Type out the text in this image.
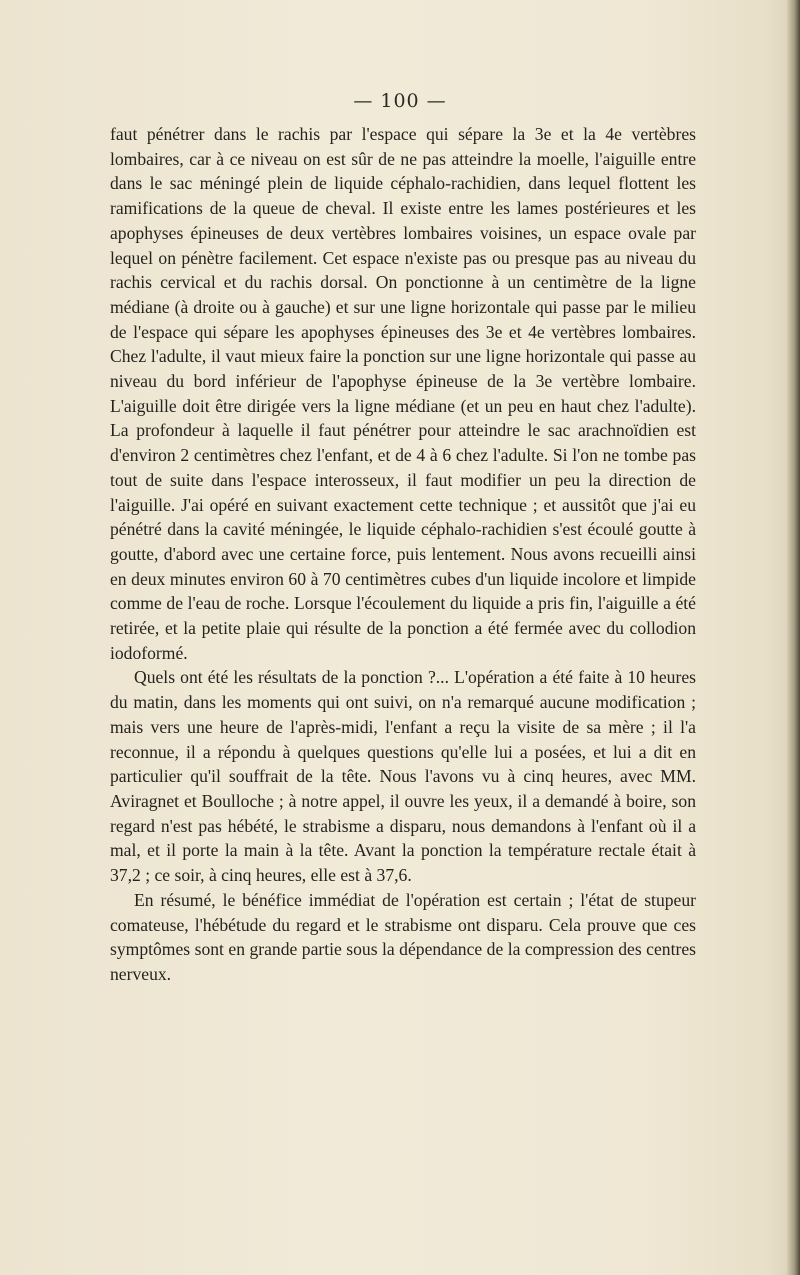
— 100 —

faut pénétrer dans le rachis par l'espace qui sépare la 3e et la 4e vertèbres lombaires, car à ce niveau on est sûr de ne pas atteindre la moelle, l'aiguille entre dans le sac méningé plein de liquide céphalo-rachidien, dans lequel flottent les ramifications de la queue de cheval. Il existe entre les lames postérieures et les apophyses épineuses de deux vertèbres lombaires voisines, un espace ovale par lequel on pénètre facilement. Cet espace n'existe pas ou presque pas au niveau du rachis cervical et du rachis dorsal. On ponctionne à un centimètre de la ligne médiane (à droite ou à gauche) et sur une ligne horizontale qui passe par le milieu de l'espace qui sépare les apophyses épineuses des 3e et 4e vertèbres lombaires. Chez l'adulte, il vaut mieux faire la ponction sur une ligne horizontale qui passe au niveau du bord inférieur de l'apophyse épineuse de la 3e vertèbre lombaire. L'aiguille doit être dirigée vers la ligne médiane (et un peu en haut chez l'adulte). La profondeur à laquelle il faut pénétrer pour atteindre le sac arachnoïdien est d'environ 2 centimètres chez l'enfant, et de 4 à 6 chez l'adulte. Si l'on ne tombe pas tout de suite dans l'espace interosseux, il faut modifier un peu la direction de l'aiguille. J'ai opéré en suivant exactement cette technique ; et aussitôt que j'ai eu pénétré dans la cavité méningée, le liquide céphalo-rachidien s'est écoulé goutte à goutte, d'abord avec une certaine force, puis lentement. Nous avons recueilli ainsi en deux minutes environ 60 à 70 centimètres cubes d'un liquide incolore et limpide comme de l'eau de roche. Lorsque l'écoulement du liquide a pris fin, l'aiguille a été retirée, et la petite plaie qui résulte de la ponction a été fermée avec du collodion iodoformé.

Quels ont été les résultats de la ponction ?... L'opération a été faite à 10 heures du matin, dans les moments qui ont suivi, on n'a remarqué aucune modification ; mais vers une heure de l'après-midi, l'enfant a reçu la visite de sa mère ; il l'a reconnue, il a répondu à quelques questions qu'elle lui a posées, et lui a dit en particulier qu'il souffrait de la tête. Nous l'avons vu à cinq heures, avec MM. Aviragnet et Boulloche ; à notre appel, il ouvre les yeux, il a demandé à boire, son regard n'est pas hébété, le strabisme a disparu, nous demandons à l'enfant où il a mal, et il porte la main à la tête. Avant la ponction la température rectale était à 37,2 ; ce soir, à cinq heures, elle est à 37,6.

En résumé, le bénéfice immédiat de l'opération est certain ; l'état de stupeur comateuse, l'hébétude du regard et le strabisme ont disparu. Cela prouve que ces symptômes sont en grande partie sous la dépendance de la compression des centres nerveux.
